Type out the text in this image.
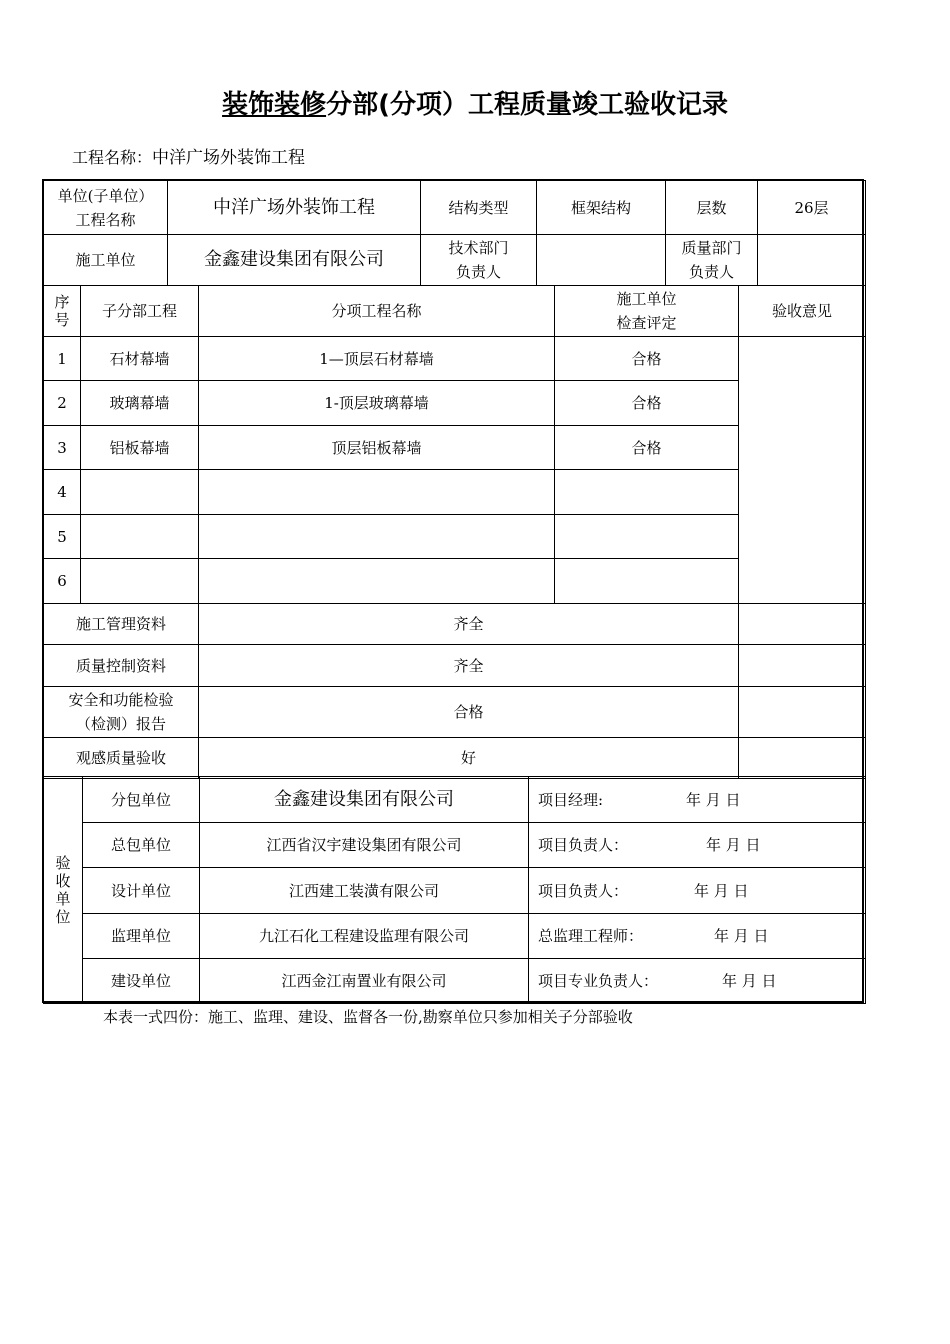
装饰装修分部(分项）工程质量竣工验收记录
工程名称：中洋广场外装饰工程
单位(子单位）工程名称	中洋广场外装饰工程	结构类型	框架结构	层数	26层
施工单位	金鑫建设集团有限公司	技术部门负责人		质量部门负责人	
序号	子分部工程	分项工程名称	施工单位检查评定	验收意见
1	石材幕墙	1—顶层石材幕墙	合格	
2	玻璃幕墙	1-顶层玻璃幕墙	合格	
3	铝板幕墙	顶层铝板幕墙	合格	
4				
5				
6				
施工管理资料		齐全		
质量控制资料		齐全		
安全和功能检验（检测）报告		合格		
观感质量验收		好		
验收单位	分包单位	金鑫建设集团有限公司	项目经理: 年 月 日
	总包单位	江西省汉宇建设集团有限公司	项目负责人： 年 月 日
	设计单位	江西建工装潢有限公司	项目负责人： 年 月 日
	监理单位	九江石化工程建设监理有限公司	总监理工程师： 年 月 日
	建设单位	江西金江南置业有限公司	项目专业负责人： 年 月 日
本表一式四份：施工、监理、建设、监督各一份,勘察单位只参加相关子分部验收
